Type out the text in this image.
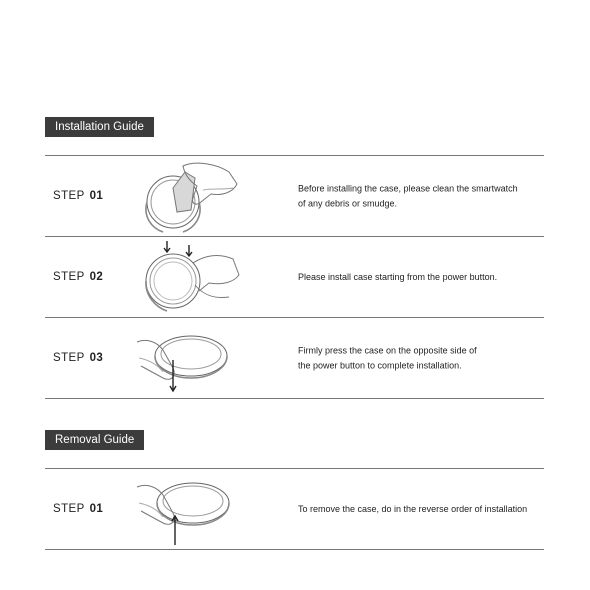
Installation Guide
STEP 01
Before installing the case, please clean the smartwatch
of any debris or smudge.
STEP 02	Please install case starting from the power button.
STEP 03
Firmly press the case on the opposite side of
the power button to complete installation.
Removal Guide
STEP 01	To remove the case, do in the reverse order of installation
